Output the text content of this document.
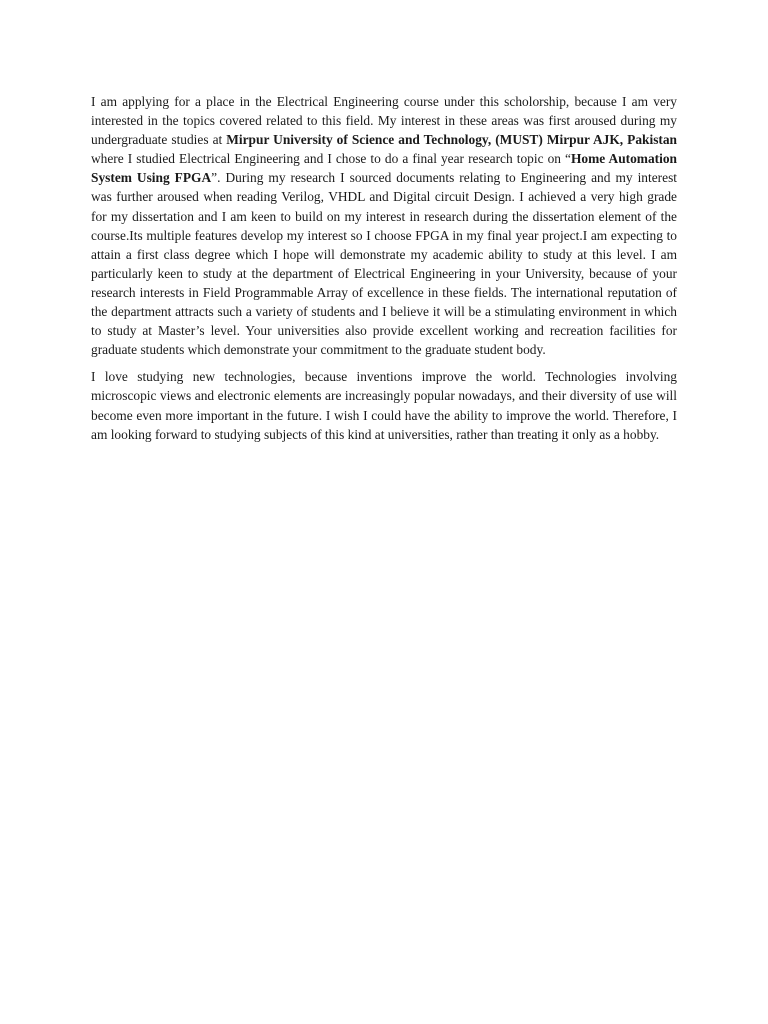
I am applying for a place in the Electrical Engineering course under this scholorship, because I am very interested in the topics covered related to this field. My interest in these areas was first aroused during my undergraduate studies at Mirpur University of Science and Technology, (MUST) Mirpur AJK, Pakistan where I studied Electrical Engineering and I chose to do a final year research topic on “Home Automation System Using FPGA”. During my research I sourced documents relating to Engineering and my interest was further aroused when reading Verilog, VHDL and Digital circuit Design. I achieved a very high grade for my dissertation and I am keen to build on my interest in research during the dissertation element of the course.Its multiple features develop my interest so I choose FPGA in my final year project.I am expecting to attain a first class degree which I hope will demonstrate my academic ability to study at this level. I am particularly keen to study at the department of Electrical Engineering in your University, because of your research interests in Field Programmable Array of excellence in these fields. The international reputation of the department attracts such a variety of students and I believe it will be a stimulating environment in which to study at Master’s level. Your universities also provide excellent working and recreation facilities for graduate students which demonstrate your commitment to the graduate student body.

I love studying new technologies, because inventions improve the world. Technologies involving microscopic views and electronic elements are increasingly popular nowadays, and their diversity of use will become even more important in the future. I wish I could have the ability to improve the world. Therefore, I am looking forward to studying subjects of this kind at universities, rather than treating it only as a hobby.
